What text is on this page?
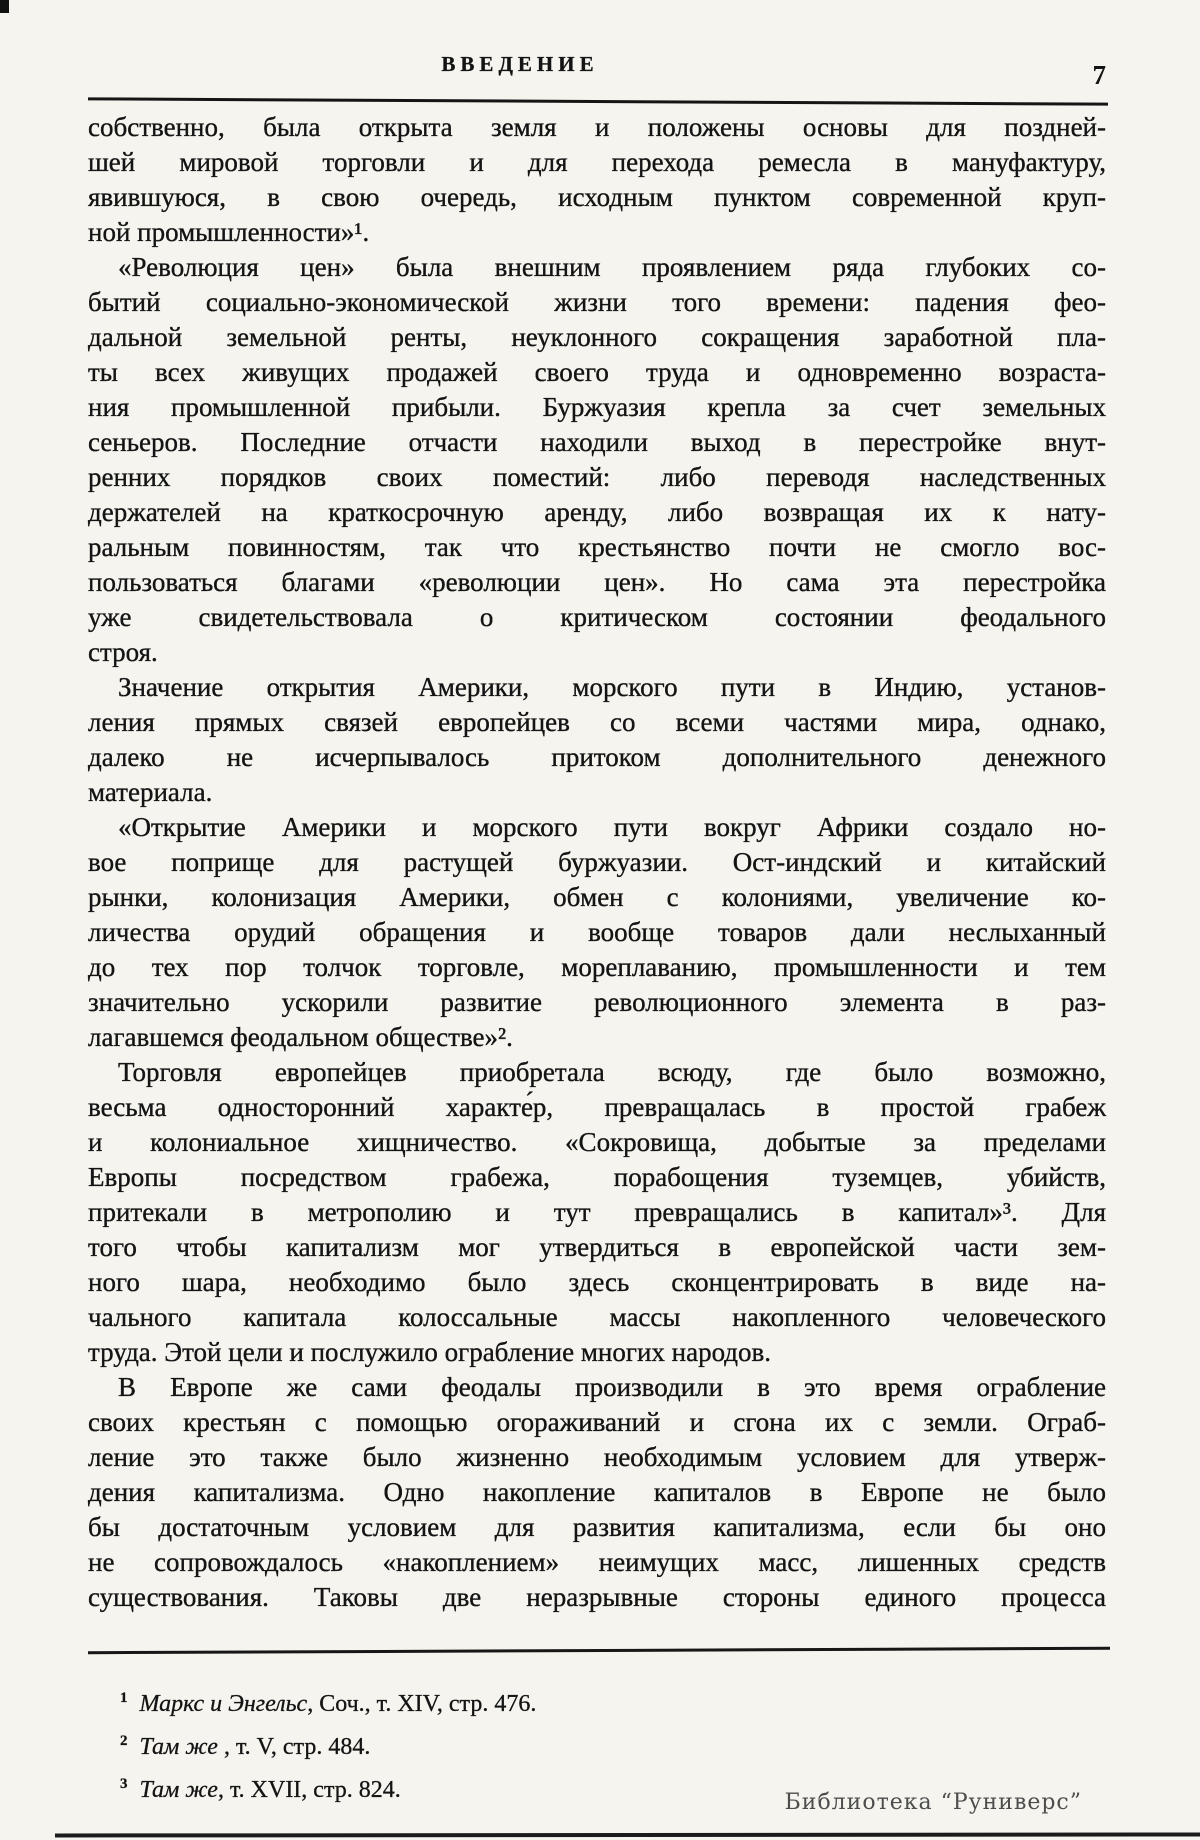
ВВЕДЕНИЕ	7
собственно, была открыта земля и положены основы для поздней-
шей мировой торговли и для перехода ремесла в мануфактуру,
явившуюся, в свою очередь, исходным пунктом современной круп-
ной промышленности»¹.
«Революция цен» была внешним проявлением ряда глубоких со-
бытий социально-экономической жизни того времени: падения фео-
дальной земельной ренты, неуклонного сокращения заработной пла-
ты всех живущих продажей своего труда и одновременно возраста-
ния промышленной прибыли. Буржуазия крепла за счет земельных
сеньеров. Последние отчасти находили выход в перестройке внут-
ренних порядков своих поместий: либо переводя наследственных
держателей на краткосрочную аренду, либо возвращая их к нату-
ральным повинностям, так что крестьянство почти не смогло вос-
пользоваться благами «революции цен». Но сама эта перестройка
уже свидетельствовала о критическом состоянии феодального
строя.
Значение открытия Америки, морского пути в Индию, установ-
ления прямых связей европейцев со всеми частями мира, однако,
далеко не исчерпывалось притоком дополнительного денежного
материала.
«Открытие Америки и морского пути вокруг Африки создало но-
вое поприще для растущей буржуазии. Ост-индский и китайский
рынки, колонизация Америки, обмен с колониями, увеличение ко-
личества орудий обращения и вообще товаров дали неслыханный
до тех пор толчок торговле, мореплаванию, промышленности и тем
значительно ускорили развитие революционного элемента в раз-
лагавшемся феодальном обществе»².
Торговля европейцев приобретала всюду, где было возможно,
весьма односторонний характе́р, превращалась в простой грабеж
и колониальное хищничество. «Сокровища, добытые за пределами
Европы посредством грабежа, порабощения туземцев, убийств,
притекали в метрополию и тут превращались в капитал»³. Для
того чтобы капитализм мог утвердиться в европейской части зем-
ного шара, необходимо было здесь сконцентрировать в виде на-
чального капитала колоссальные массы накопленного человеческого
труда. Этой цели и послужило ограбление многих народов.
В Европе же сами феодалы производили в это время ограбление
своих крестьян с помощью огораживаний и сгона их с земли. Ограб-
ление это также было жизненно необходимым условием для утверж-
дения капитализма. Одно накопление капиталов в Европе не было
бы достаточным условием для развития капитализма, если бы оно
не сопровождалось «накоплением» неимущих масс, лишенных средств
существования. Таковы две неразрывные стороны единого процесса
1 Маркс и Энгельс, Соч., т. XIV, стр. 476.
2 Там же , т. V, стр. 484.
3 Там же, т. XVII, стр. 824.	Библиотека “Руниверс”
